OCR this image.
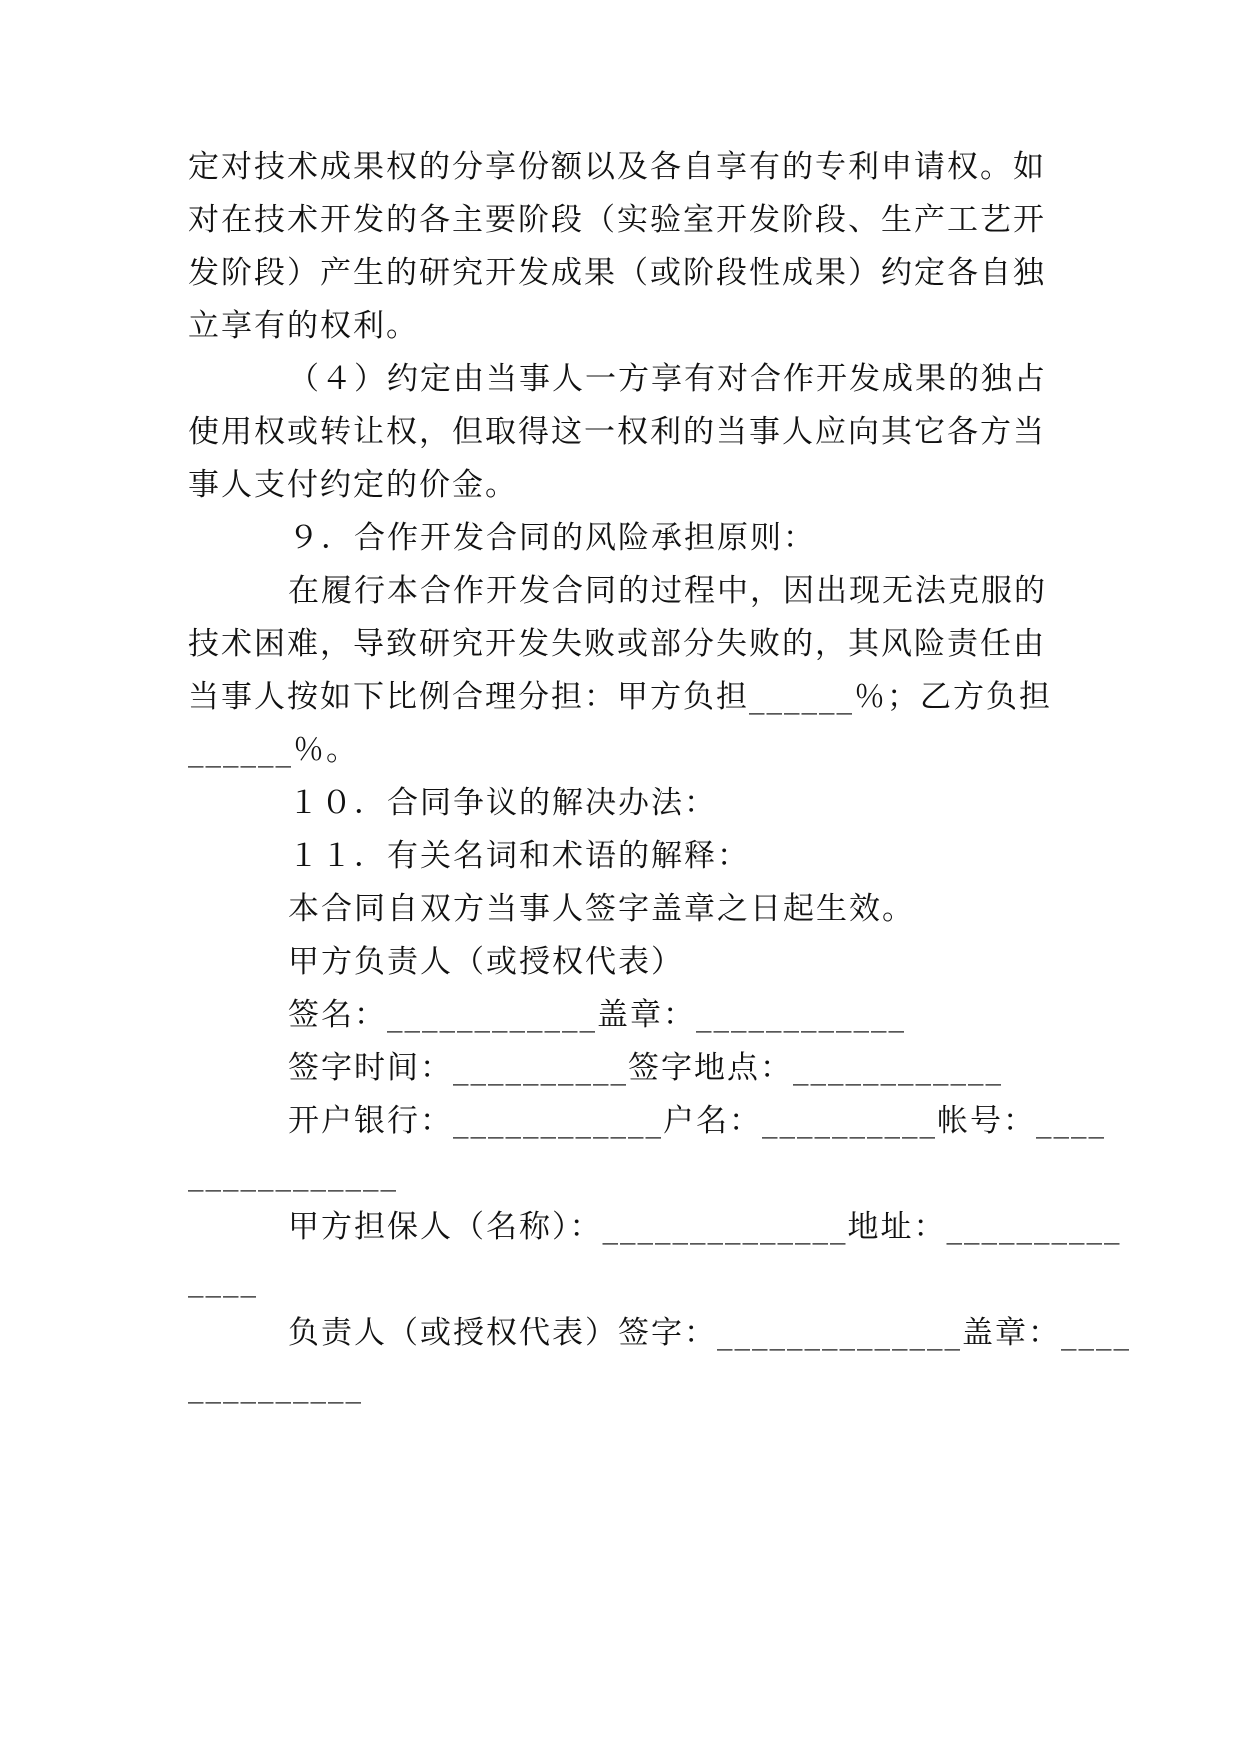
定对技术成果权的分享份额以及各自享有的专利申请权。如
对在技术开发的各主要阶段（实验室开发阶段、生产工艺开
发阶段）产生的研究开发成果（或阶段性成果）约定各自独
立享有的权利。
（４）约定由当事人一方享有对合作开发成果的独占
使用权或转让权，但取得这一权利的当事人应向其它各方当
事人支付约定的价金。
９．合作开发合同的风险承担原则：
在履行本合作开发合同的过程中，因出现无法克服的
技术困难，导致研究开发失败或部分失败的，其风险责任由
当事人按如下比例合理分担：甲方负担______％；乙方负担
______％。
１０．合同争议的解决办法：
１１．有关名词和术语的解释：
本合同自双方当事人签字盖章之日起生效。
甲方负责人（或授权代表）
签名：____________盖章：____________
签字时间：__________签字地点：____________
开户银行：____________户名：__________帐号：____
____________
甲方担保人（名称）：______________地址：__________
____
负责人（或授权代表）签字：______________盖章：____
__________
